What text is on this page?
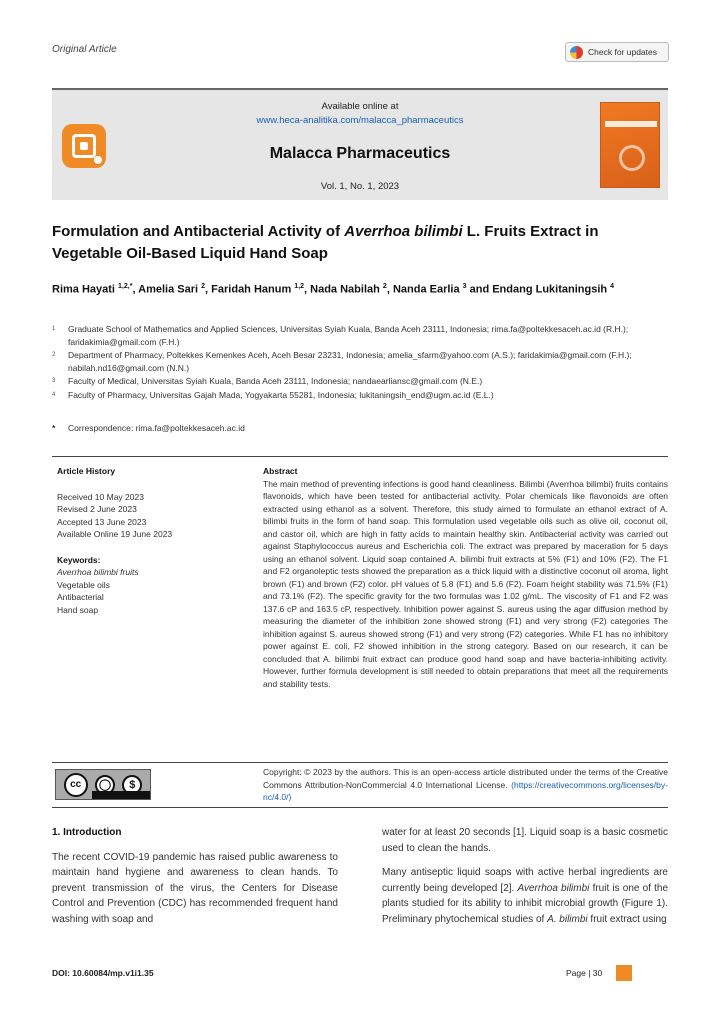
Original Article	Check for updates
Available online at
www.heca-analitika.com/malacca_pharmaceutics
Malacca Pharmaceutics
Vol. 1, No. 1, 2023
Formulation and Antibacterial Activity of Averrhoa bilimbi L. Fruits Extract in Vegetable Oil-Based Liquid Hand Soap
Rima Hayati $^{1,2,*}$, Amelia Sari $^2$, Faridah Hanum $^{1,2}$, Nada Nabilah $^2$, Nanda Earlia $^3$ and Endang Lukitaningsih $^4$
1	Graduate School of Mathematics and Applied Sciences, Universitas Syiah Kuala, Banda Aceh 23111, Indonesia; rima.fa@poltekkesaceh.ac.id (R.H.); faridakimia@gmail.com (F.H.)
2	Department of Pharmacy, Poltekkes Kemenkes Aceh, Aceh Besar 23231, Indonesia; amelia_sfarm@yahoo.com (A.S.); faridakimia@gmail.com (F.H.); nabilah.nd16@gmail.com (N.N.)
3	Faculty of Medical, Universitas Syiah Kuala, Banda Aceh 23111, Indonesia; nandaearliansc@gmail.com (N.E.)
4	Faculty of Pharmacy, Universitas Gajah Mada, Yogyakarta 55281, Indonesia; lukitaningsih_end@ugm.ac.id (E.L.)
*	Correspondence: rima.fa@poltekkesaceh.ac.id
Article History
Received 10 May 2023
Revised 2 June 2023
Accepted 13 June 2023
Available Online 19 June 2023
Keywords:
Averrhoa bilimbi fruits
Vegetable oils
Antibacterial
Hand soap
Abstract
The main method of preventing infections is good hand cleanliness. Bilimbi (Averrhoa bilimbi) fruits contains flavonoids, which have been tested for antibacterial activity. Polar chemicals like flavonoids are often extracted using ethanol as a solvent. Therefore, this study aimed to formulate an ethanol extract of A. bilimbi fruits in the form of hand soap. This formulation used vegetable oils such as olive oil, coconut oil, and castor oil, which are high in fatty acids to maintain healthy skin. Antibacterial activity was carried out against Staphylococcus aureus and Escherichia coli. The extract was prepared by maceration for 5 days using an ethanol solvent. Liquid soap contained A. bilimbi fruit extracts at 5% (F1) and 10% (F2). The F1 and F2 organoleptic tests showed the preparation as a thick liquid with a distinctive coconut oil aroma, light brown (F1) and brown (F2) color. pH values of 5.8 (F1) and 5.6 (F2). Foam height stability was 71.5% (F1) and 73.1% (F2). The specific gravity for the two formulas was 1.02 g/mL. The viscosity of F1 and F2 was 137.6 cP and 163.5 cP, respectively. Inhibition power against S. aureus using the agar diffusion method by measuring the diameter of the inhibition zone showed strong (F1) and very strong (F2) categories The inhibition against S. aureus showed strong (F1) and very strong (F2) categories. While F1 has no inhibitory power against E. coli, F2 showed inhibition in the strong category. Based on our research, it can be concluded that A. bilimbi fruit extract can produce good hand soap and have bacteria-inhibiting activity. However, further formula development is still needed to obtain preparations that meet all the requirements and stability tests.
cc	◯	$
Copyright: © 2023 by the authors. This is an open-access article distributed under the terms of the Creative Commons Attribution-NonCommercial 4.0 International License. (https://creativecommons.org/licenses/by-nc/4.0/)
1. Introduction

The recent COVID-19 pandemic has raised public awareness to maintain hand hygiene and awareness to clean hands. To prevent transmission of the virus, the Centers for Disease Control and Prevention (CDC) has recommended frequent hand washing with soap and

water for at least 20 seconds [1]. Liquid soap is a basic cosmetic used to clean the hands.

Many antiseptic liquid soaps with active herbal ingredients are currently being developed [2]. Averrhoa bilimbi fruit is one of the plants studied for its ability to inhibit microbial growth (Figure 1). Preliminary phytochemical studies of A. bilimbi fruit extract using

DOI: 10.60084/mp.v1i1.35	Page | 30
